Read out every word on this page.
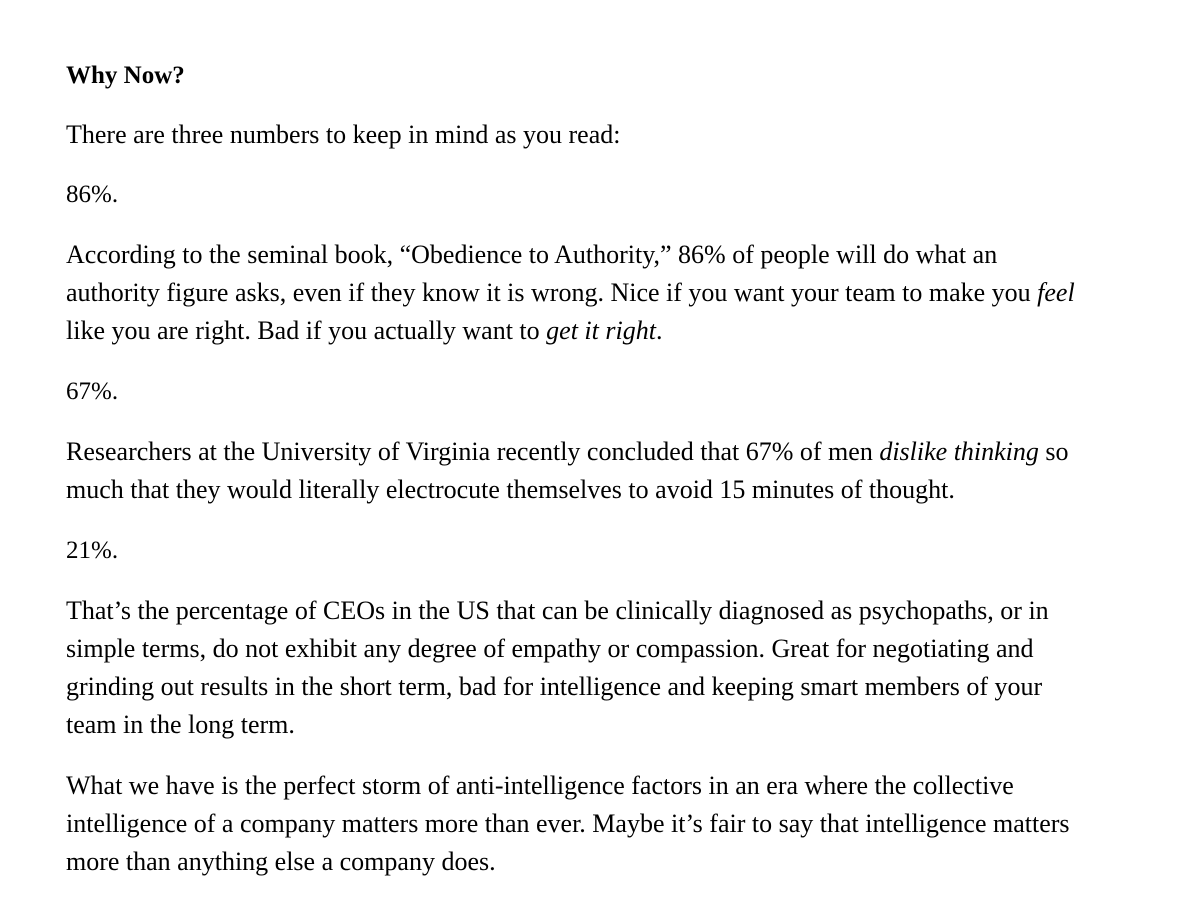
Why Now?
There are three numbers to keep in mind as you read:
86%.
According to the seminal book, “Obedience to Authority,” 86% of people will do what an
authority figure asks, even if they know it is wrong. Nice if you want your team to make you feel
like you are right. Bad if you actually want to get it right.
67%.
Researchers at the University of Virginia recently concluded that 67% of men dislike thinking so
much that they would literally electrocute themselves to avoid 15 minutes of thought.
21%.
That’s the percentage of CEOs in the US that can be clinically diagnosed as psychopaths, or in
simple terms, do not exhibit any degree of empathy or compassion. Great for negotiating and
grinding out results in the short term, bad for intelligence and keeping smart members of your
team in the long term.
What we have is the perfect storm of anti-intelligence factors in an era where the collective
intelligence of a company matters more than ever. Maybe it’s fair to say that intelligence matters
more than anything else a company does.
